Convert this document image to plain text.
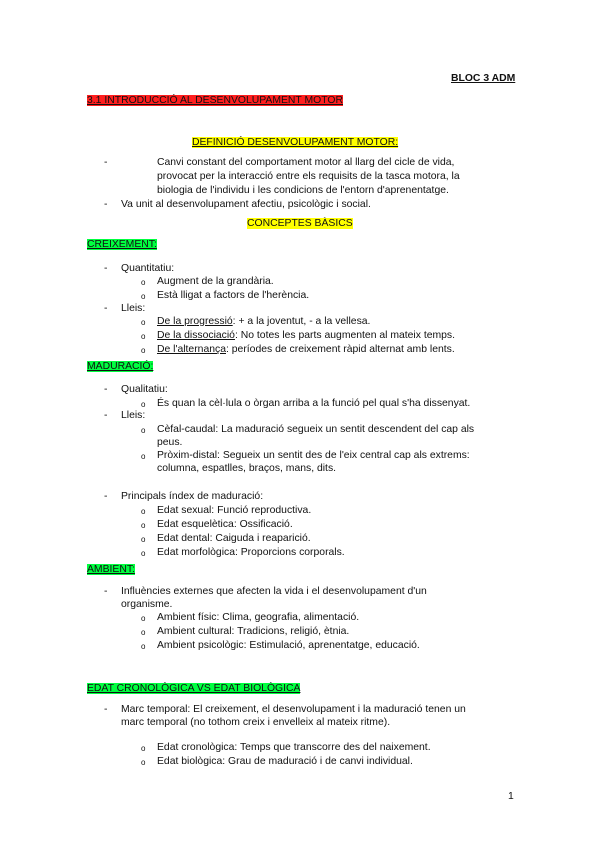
BLOC 3 ADM
3.1 INTRODUCCIÓ AL DESENVOLUPAMENT MOTOR
DEFINICIÓ DESENVOLUPAMENT MOTOR:
-	Canvi constant del comportament motor al llarg del cicle de vida,
provocat per la interacció entre els requisits de la tasca motora, la
biologia de l'individu i les condicions de l'entorn d'aprenentatge.
- Va unit al desenvolupament afectiu, psicològic i social.
CONCEPTES BÀSICS
CREIXEMENT:
- Quantitatiu:
o Augment de la grandària.
o Està lligat a factors de l'herència.
- Lleis:
o De la progressió: + a la joventut, - a la vellesa.
o De la dissociació: No totes les parts augmenten al mateix temps.
o De l'alternança: períodes de creixement ràpid alternat amb lents.
MADURACIÓ:
- Qualitatiu:
o És quan la cèl·lula o òrgan arriba a la funció pel qual s'ha dissenyat.
- Lleis:
o Cèfal-caudal: La maduració segueix un sentit descendent del cap als
peus.
o Pròxim-distal: Segueix un sentit des de l'eix central cap als extrems:
columna, espatlles, braços, mans, dits.
- Principals índex de maduració:
o Edat sexual: Funció reproductiva.
o Edat esquelètica: Ossificació.
o Edat dental: Caiguda i reaparició.
o Edat morfològica: Proporcions corporals.
AMBIENT:
- Influències externes que afecten la vida i el desenvolupament d'un
organisme.
o Ambient físic: Clima, geografia, alimentació.
o Ambient cultural: Tradicions, religió, ètnia.
o Ambient psicològic: Estimulació, aprenentatge, educació.
EDAT CRONOLÒGICA VS EDAT BIOLÒGICA
- Marc temporal: El creixement, el desenvolupament i la maduració tenen un
marc temporal (no tothom creix i envelleix al mateix ritme).
o Edat cronològica: Temps que transcorre des del naixement.
o Edat biològica: Grau de maduració i de canvi individual.
1
